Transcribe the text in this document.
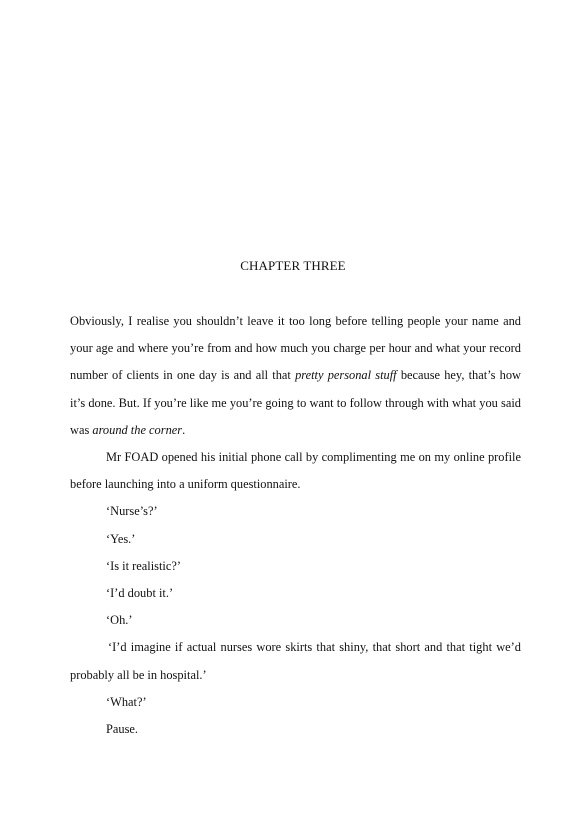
CHAPTER THREE

Obviously, I realise you shouldn’t leave it too long before telling people your name and your age and where you’re from and how much you charge per hour and what your record number of clients in one day is and all that pretty personal stuff because hey, that’s how it’s done. But. If you’re like me you’re going to want to follow through with what you said was around the corner.

Mr FOAD opened his initial phone call by complimenting me on my online profile before launching into a uniform questionnaire.

‘Nurse’s?’

‘Yes.’

‘Is it realistic?’

‘I’d doubt it.’

‘Oh.’

‘I’d imagine if actual nurses wore skirts that shiny, that short and that tight we’d probably all be in hospital.’

‘What?’

Pause.
